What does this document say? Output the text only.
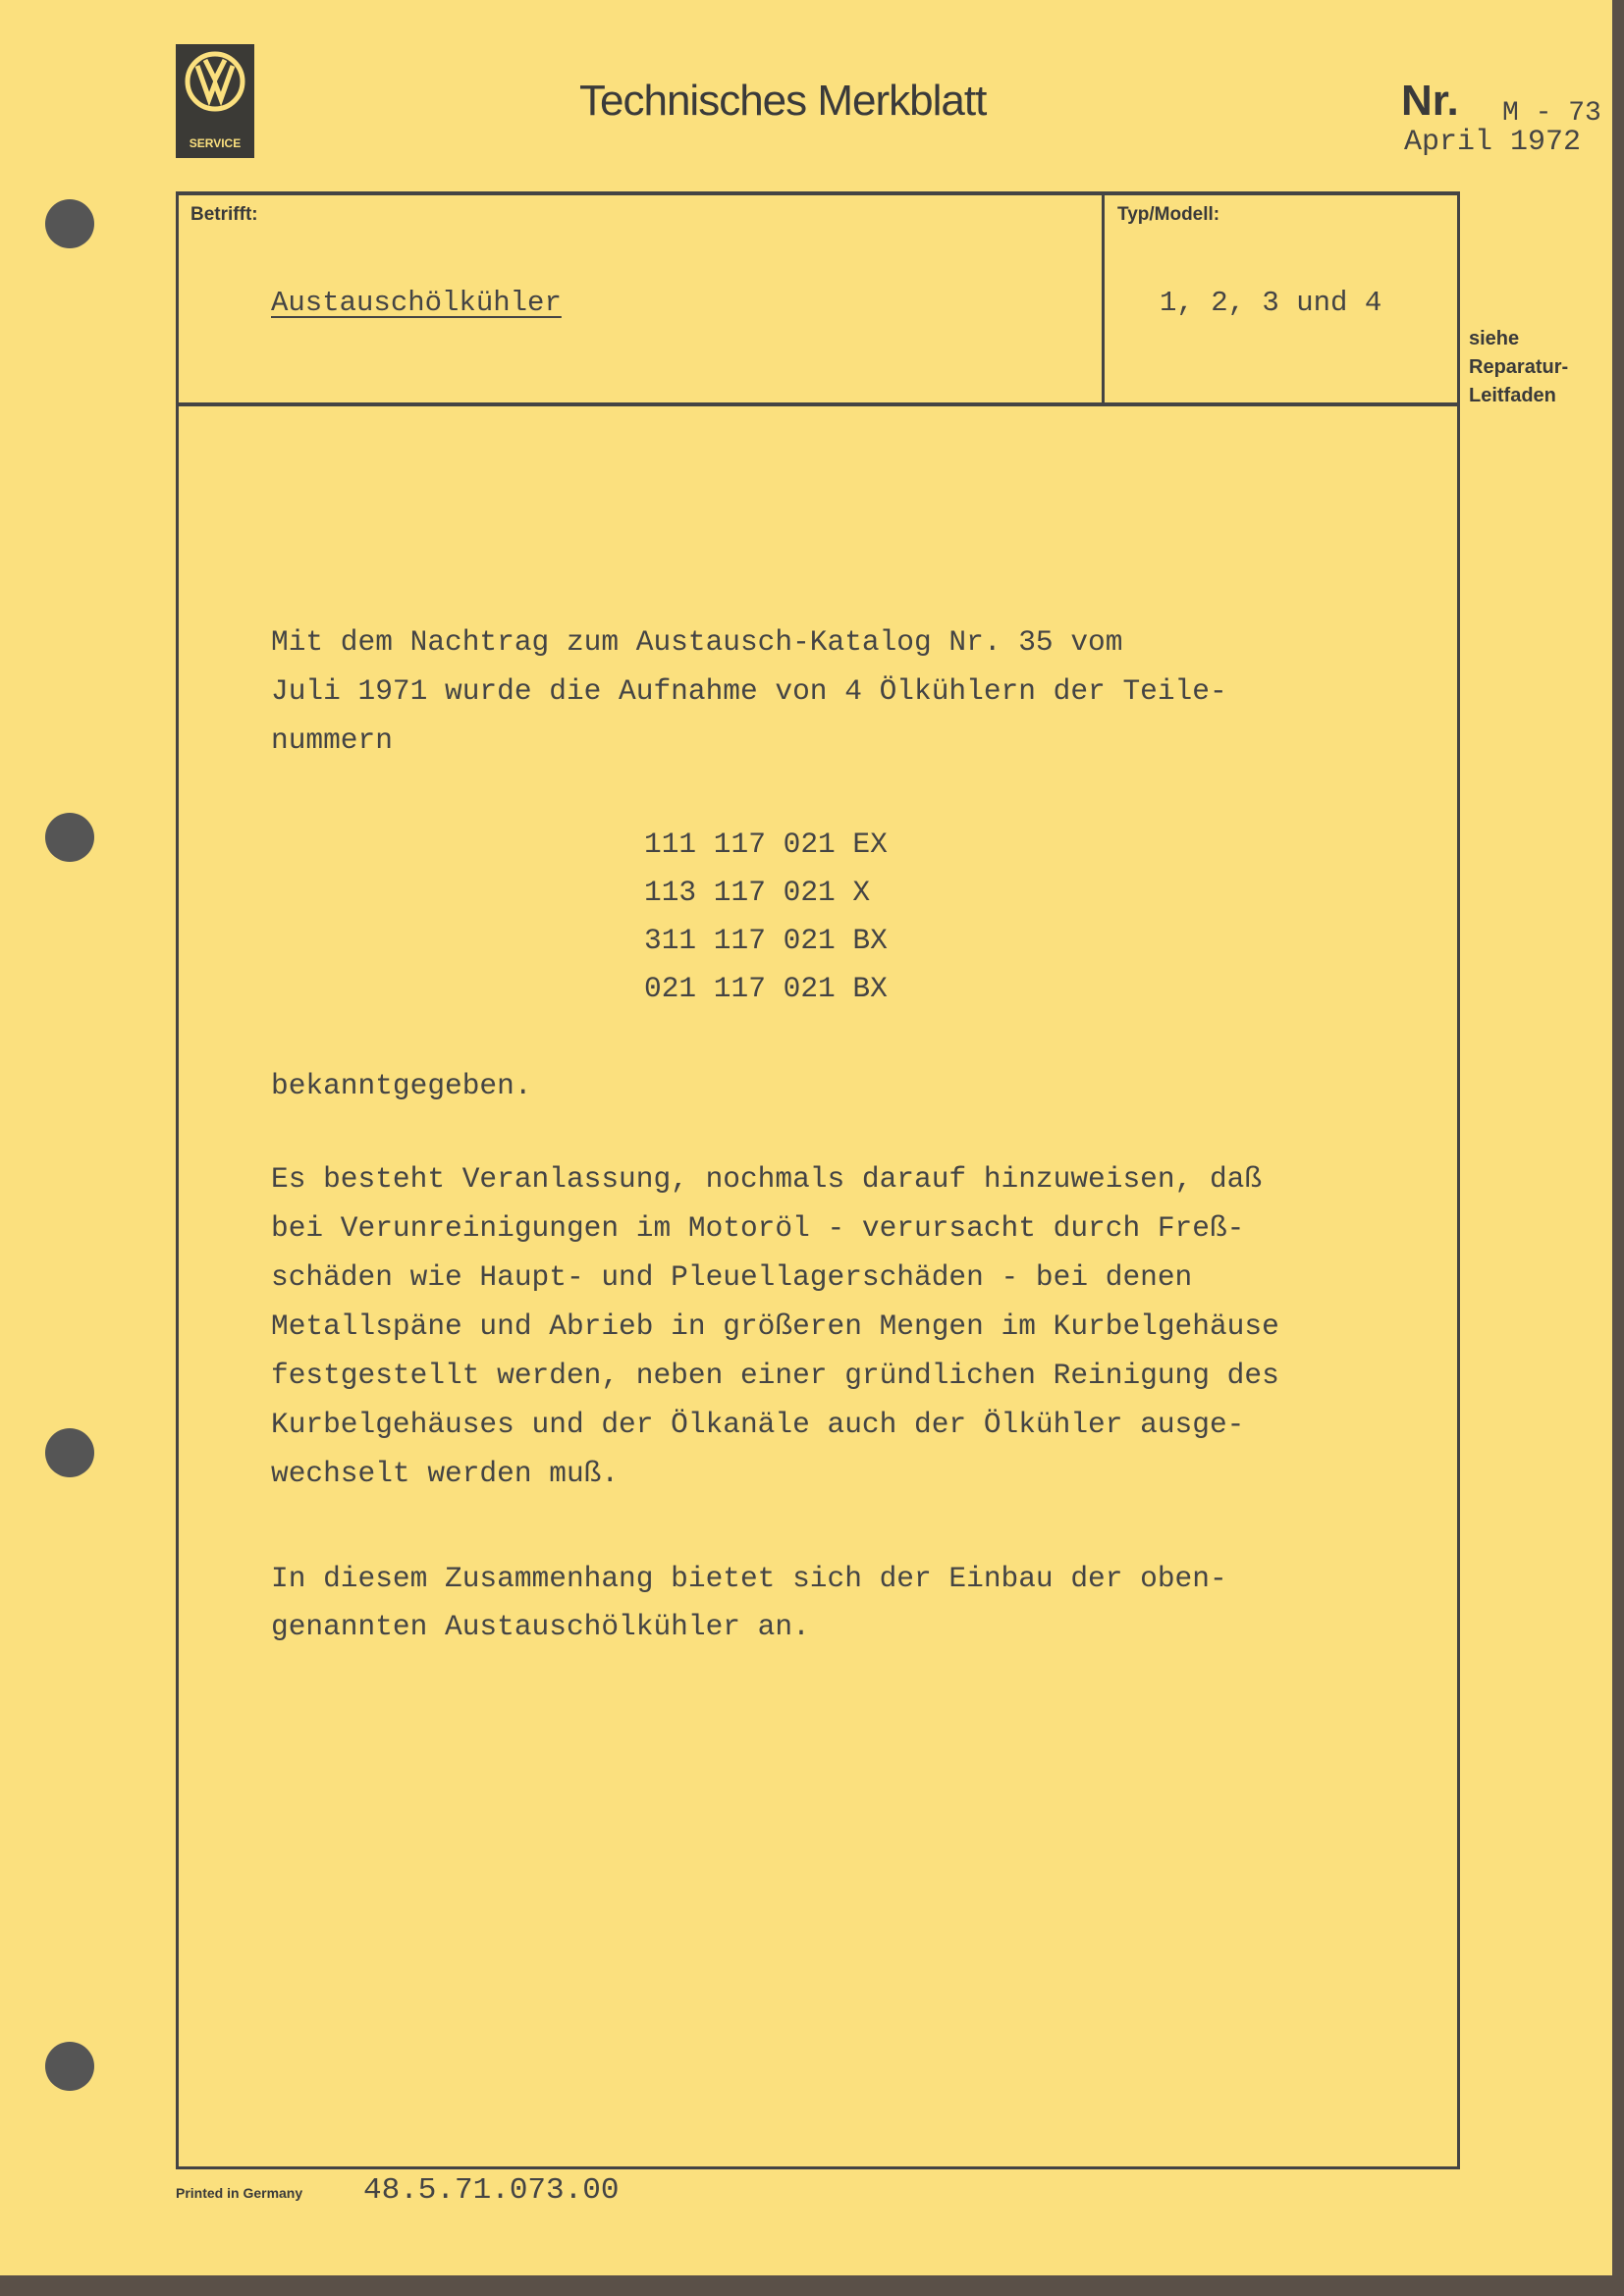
SERVICE
Technisches Merkblatt	Nr. M - 73
April 1972
Betrifft:	Typ/Modell:
Austauschölkühler	1, 2, 3 und 4
siehe
Reparatur-
Leitfaden
Mit dem Nachtrag zum Austausch-Katalog Nr. 35 vom
Juli 1971 wurde die Aufnahme von 4 Ölkühlern der Teile-
nummern
111 117 021 EX
113 117 021 X
311 117 021 BX
021 117 021 BX
bekanntgegeben.
Es besteht Veranlassung, nochmals darauf hinzuweisen, daß
bei Verunreinigungen im Motoröl - verursacht durch Freß-
schäden wie Haupt- und Pleuellagerschäden - bei denen
Metallspäne und Abrieb in größeren Mengen im Kurbelgehäuse
festgestellt werden, neben einer gründlichen Reinigung des
Kurbelgehäuses und der Ölkanäle auch der Ölkühler ausge-
wechselt werden muß.
In diesem Zusammenhang bietet sich der Einbau der oben-
genannten Austauschölkühler an.
Printed in Germany 48.5.71.073.00
